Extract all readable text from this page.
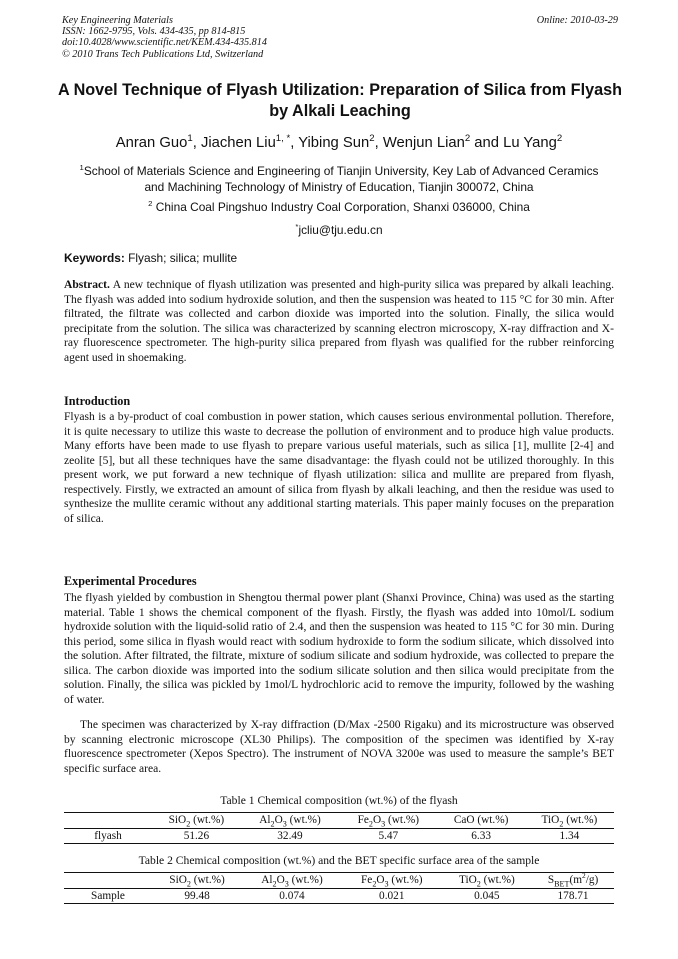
Key Engineering Materials
ISSN: 1662-9795, Vols. 434-435, pp 814-815
doi:10.4028/www.scientific.net/KEM.434-435.814
© 2010 Trans Tech Publications Ltd, Switzerland
Online: 2010-03-29
A Novel Technique of Flyash Utilization: Preparation of Silica from Flyash by Alkali Leaching
Anran Guo$^1$, Jiachen Liu$^{1, *}$, Yibing Sun$^2$, Wenjun Lian$^2$ and Lu Yang$^2$
$^1$School of Materials Science and Engineering of Tianjin University, Key Lab of Advanced Ceramics
and Machining Technology of Ministry of Education, Tianjin 300072, China
$^2$ China Coal Pingshuo Industry Coal Corporation, Shanxi 036000, China
*jcliu@tju.edu.cn
Keywords: Flyash; silica; mullite

Abstract. A new technique of flyash utilization was presented and high-purity silica was prepared by alkali leaching. The flyash was added into sodium hydroxide solution, and then the suspension was heated to 115 °C for 30 min. After filtrated, the filtrate was collected and carbon dioxide was imported into the solution. Finally, the silica would precipitate from the solution. The silica was characterized by scanning electron microscopy, X-ray diffraction and X-ray fluorescence spectrometer. The high-purity silica prepared from flyash was qualified for the rubber reinforcing agent used in shoemaking.

Introduction

Flyash is a by-product of coal combustion in power station, which causes serious environmental pollution. Therefore, it is quite necessary to utilize this waste to decrease the pollution of environment and to produce high value products. Many efforts have been made to use flyash to prepare various useful materials, such as silica [1], mullite [2-4] and zeolite [5], but all these techniques have the same disadvantage: the flyash could not be utilized thoroughly. In this present work, we put forward a new technique of flyash utilization: silica and mullite are prepared from flyash, respectively. Firstly, we extracted an amount of silica from flyash by alkali leaching, and then the residue was used to synthesize the mullite ceramic without any additional starting materials. This paper mainly focuses on the preparation of silica.

Experimental Procedures

The flyash yielded by combustion in Shengtou thermal power plant (Shanxi Province, China) was used as the starting material. Table 1 shows the chemical component of the flyash. Firstly, the flyash was added into 10mol/L sodium hydroxide solution with the liquid-solid ratio of 2.4, and then the suspension was heated to 115 °C for 30 min. During this period, some silica in flyash would react with sodium hydroxide to form the sodium silicate, which dissolved into the solution. After filtrated, the filtrate, mixture of sodium silicate and sodium hydroxide, was collected to prepare the silica. The carbon dioxide was imported into the sodium silicate solution and then silica would precipitate from the solution. Finally, the silica was pickled by 1mol/L hydrochloric acid to remove the impurity, followed by the washing of water.

The specimen was characterized by X-ray diffraction (D/Max -2500 Rigaku) and its microstructure was observed by scanning electronic microscope (XL30 Philips). The composition of the specimen was identified by X-ray fluorescence spectrometer (Xepos Spectro). The instrument of NOVA 3200e was used to measure the sample’s BET specific surface area.

Table 1 Chemical composition (wt.%) of the flyash
	SiO$_2$ (wt.%)	$Al_2O_3$ (wt.%)	$Fe_2O_3$ (wt.%)	CaO (wt.%)	TiO$_2$ (wt.%)
flyash	51.26	32.49	5.47	6.33	1.34
Table 2 Chemical composition (wt.%) and the BET specific surface area of the sample
	SiO$_2$ (wt.%)	$Al_2O_3$ (wt.%)	$Fe_2O_3$ (wt.%)	TiO$_2$ (wt.%)	$S_{BET}(m^2/g)$
Sample	99.48	0.074	0.021	0.045	178.71
